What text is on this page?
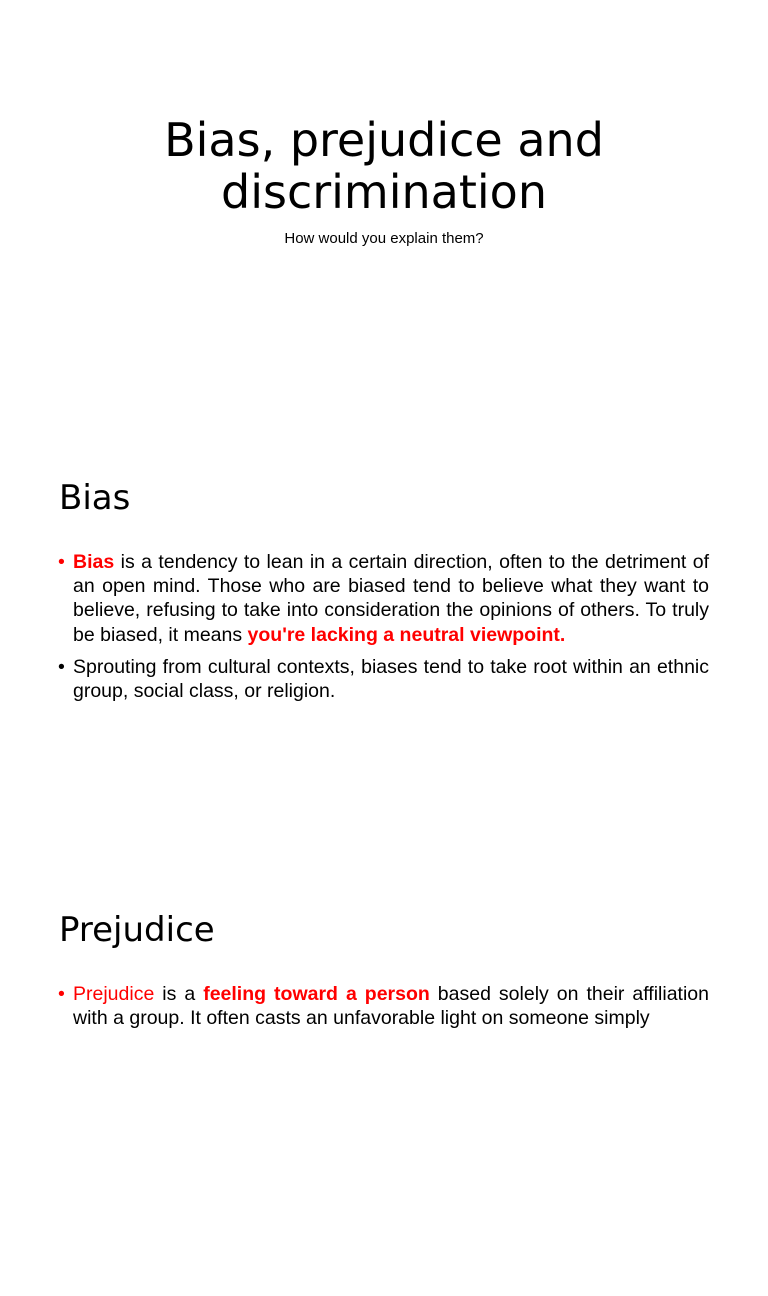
Bias, prejudice and
discrimination

How would you explain them?

Bias
• Bias is a tendency to lean in a certain direction, often to the detriment of an open mind. Those who are biased tend to believe what they want to believe, refusing to take into consideration the opinions of others. To truly be biased, it means you're lacking a neutral viewpoint.
• Sprouting from cultural contexts, biases tend to take root within an ethnic group, social class, or religion.
Prejudice
• Prejudice is a feeling toward a person based solely on their affiliation with a group. It often casts an unfavorable light on someone simply
